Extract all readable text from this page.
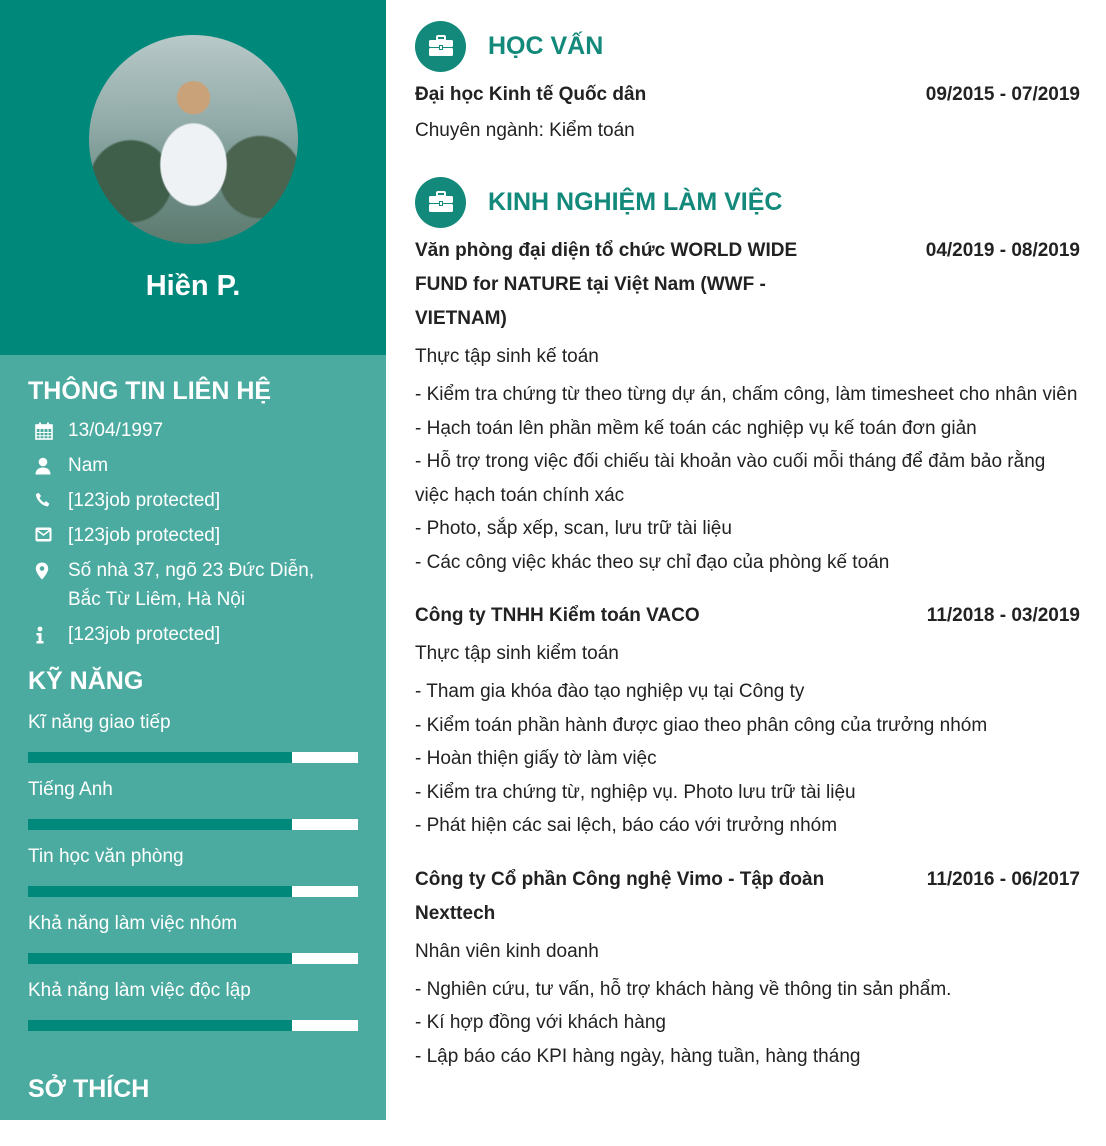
Hiền P.
THÔNG TIN LIÊN HỆ
13/04/1997
Nam
[123job protected]
[123job protected]
Số nhà 37, ngõ 23 Đức Diễn, Bắc Từ Liêm, Hà Nội
[123job protected]
KỸ NĂNG
Kĩ năng giao tiếp
Tiếng Anh
Tin học văn phòng
Khả năng làm việc nhóm
Khả năng làm việc độc lập
SỞ THÍCH
Đọc sách , Nghe nhạc , Đi phượt cùng
HỌC VẤN
Đại học Kinh tế Quốc dân	09/2015 - 07/2019
Chuyên ngành: Kiểm toán
KINH NGHIỆM LÀM VIỆC
Văn phòng đại diện tổ chức WORLD WIDE FUND for NATURE tại Việt Nam (WWF - VIETNAM)
04/2019 - 08/2019
Thực tập sinh kế toán
- Kiểm tra chứng từ theo từng dự án, chấm công, làm timesheet cho nhân viên
- Hạch toán lên phần mềm kế toán các nghiệp vụ kế toán đơn giản
- Hỗ trợ trong việc đối chiếu tài khoản vào cuối mỗi tháng để đảm bảo rằng việc hạch toán chính xác
- Photo, sắp xếp, scan, lưu trữ tài liệu
- Các công việc khác theo sự chỉ đạo của phòng kế toán
Công ty TNHH Kiểm toán VACO	11/2018 - 03/2019
Thực tập sinh kiểm toán
- Tham gia khóa đào tạo nghiệp vụ tại Công ty
- Kiểm toán phần hành được giao theo phân công của trưởng nhóm
- Hoàn thiện giấy tờ làm việc
- Kiểm tra chứng từ, nghiệp vụ. Photo lưu trữ tài liệu
- Phát hiện các sai lệch, báo cáo với trưởng nhóm
Công ty Cổ phần Công nghệ Vimo - Tập đoàn Nexttech
11/2016 - 06/2017
Nhân viên kinh doanh
- Nghiên cứu, tư vấn, hỗ trợ khách hàng về thông tin sản phẩm.
- Kí hợp đồng với khách hàng
- Lập báo cáo KPI hàng ngày, hàng tuần, hàng tháng
